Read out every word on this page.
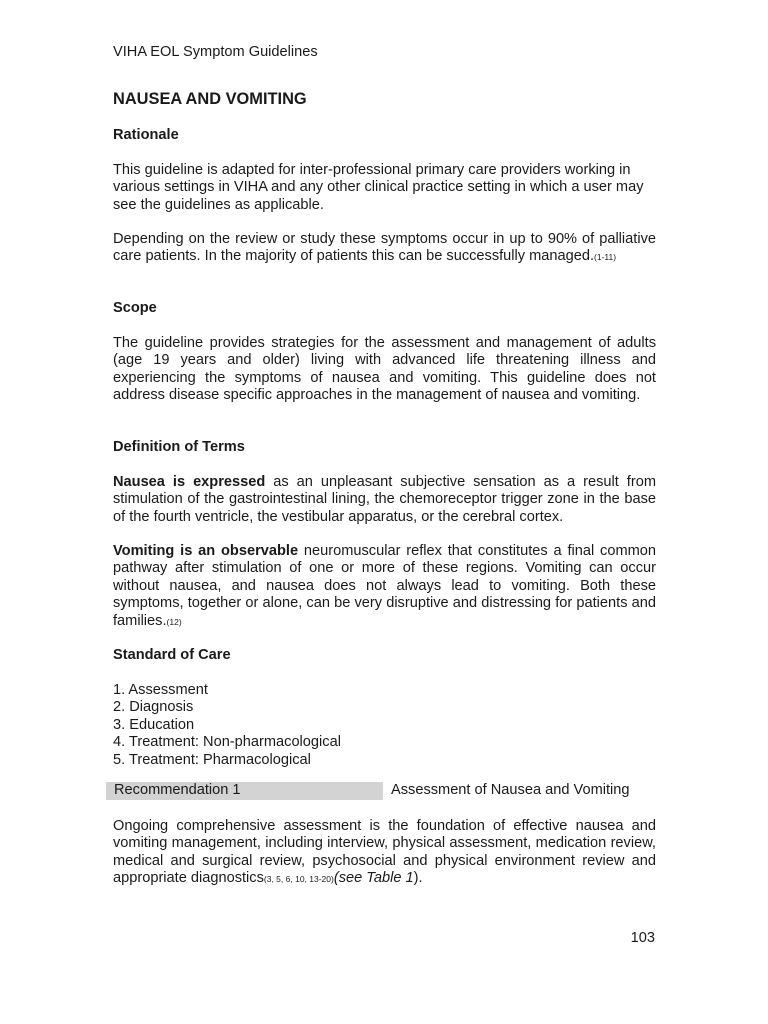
VIHA EOL Symptom Guidelines
NAUSEA AND VOMITING
Rationale
This guideline is adapted for inter-professional primary care providers working in various settings in VIHA and any other clinical practice setting in which a user may see the guidelines as applicable.
Depending on the review or study these symptoms occur in up to 90% of palliative care patients. In the majority of patients this can be successfully managed.(1-11)
Scope
The guideline provides strategies for the assessment and management of adults (age 19 years and older) living with advanced life threatening illness and experiencing the symptoms of nausea and vomiting. This guideline does not address disease specific approaches in the management of nausea and vomiting.
Definition of Terms
Nausea is expressed as an unpleasant subjective sensation as a result from stimulation of the gastrointestinal lining, the chemoreceptor trigger zone in the base of the fourth ventricle, the vestibular apparatus, or the cerebral cortex.
Vomiting is an observable neuromuscular reflex that constitutes a final common pathway after stimulation of one or more of these regions. Vomiting can occur without nausea, and nausea does not always lead to vomiting. Both these symptoms, together or alone, can be very disruptive and distressing for patients and families.(12)
Standard of Care
1. Assessment
2. Diagnosis
3. Education
4. Treatment: Non-pharmacological
5. Treatment: Pharmacological
Recommendation 1	Assessment of Nausea and Vomiting
Ongoing comprehensive assessment is the foundation of effective nausea and vomiting management, including interview, physical assessment, medication review, medical and surgical review, psychosocial and physical environment review and appropriate diagnostics(3, 5, 6, 10, 13-20)(see Table 1).
103
